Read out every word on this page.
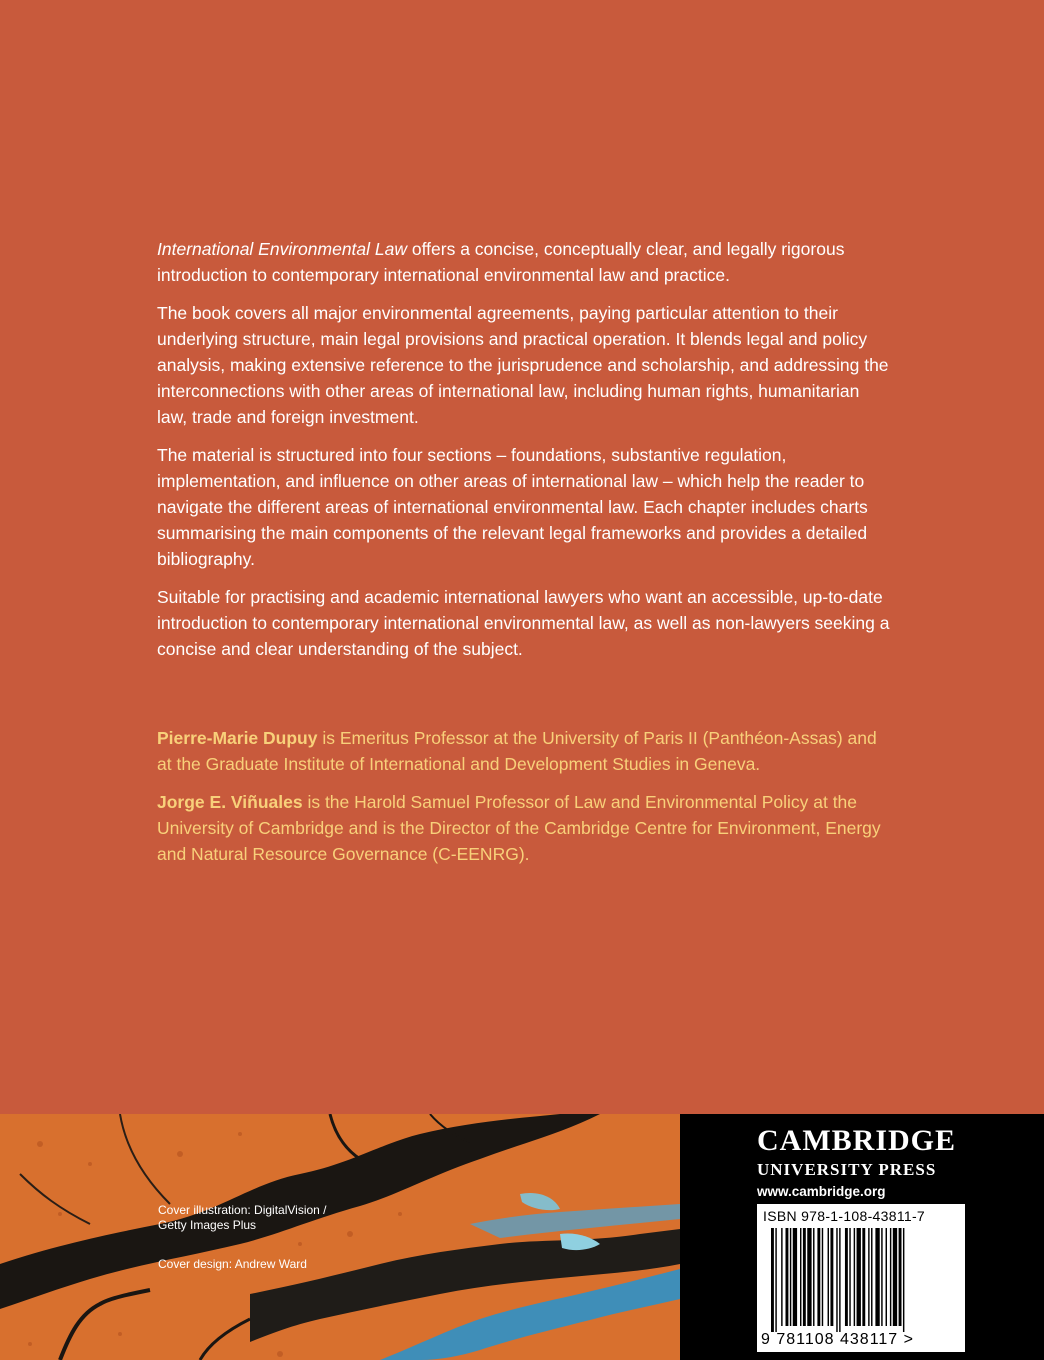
International Environmental Law offers a concise, conceptually clear, and legally rigorous introduction to contemporary international environmental law and practice.

The book covers all major environmental agreements, paying particular attention to their underlying structure, main legal provisions and practical operation. It blends legal and policy analysis, making extensive reference to the jurisprudence and scholarship, and addressing the interconnections with other areas of international law, including human rights, humanitarian law, trade and foreign investment.

The material is structured into four sections – foundations, substantive regulation, implementation, and influence on other areas of international law – which help the reader to navigate the different areas of international environmental law. Each chapter includes charts summarising the main components of the relevant legal frameworks and provides a detailed bibliography.

Suitable for practising and academic international lawyers who want an accessible, up-to-date introduction to contemporary international environmental law, as well as non-lawyers seeking a concise and clear understanding of the subject.

Pierre-Marie Dupuy is Emeritus Professor at the University of Paris II (Panthéon-Assas) and at the Graduate Institute of International and Development Studies in Geneva.

Jorge E. Viñuales is the Harold Samuel Professor of Law and Environmental Policy at the University of Cambridge and is the Director of the Cambridge Centre for Environment, Energy and Natural Resource Governance (C-EENRG).

Cover illustration: DigitalVision /
Getty Images Plus
Cover design: Andrew Ward
CAMBRIDGE
UNIVERSITY PRESS
www.cambridge.org
ISBN 978-1-108-43811-7
9 781108 438117 >
